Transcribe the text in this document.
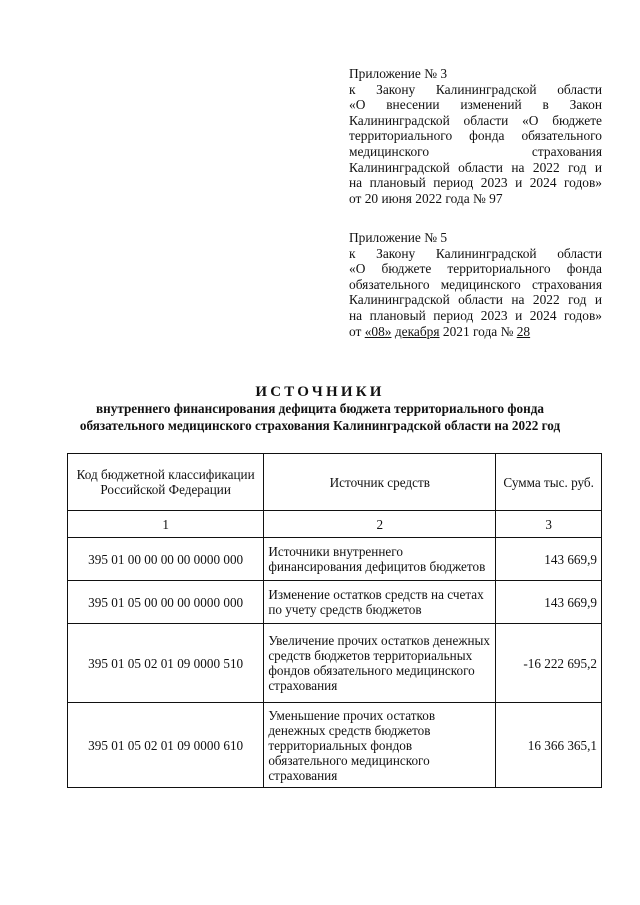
Приложение № 3
к Закону Калининградской области
«О внесении изменений в Закон
Калининградской области «О бюджете
территориального фонда обязательного
медицинского страхования
Калининградской области на 2022 год и
на плановый период 2023 и 2024 годов»
от 20 июня 2022 года № 97
Приложение № 5
к Закону Калининградской области
«О бюджете территориального фонда
обязательного медицинского страхования
Калининградской области на 2022 год и
на плановый период 2023 и 2024 годов»
от «08» декабря 2021 года № 28
ИСТОЧНИКИ
внутреннего финансирования дефицита бюджета территориального фонда
обязательного медицинского страхования Калининградской области на 2022 год
Код бюджетной классификации Российской Федерации	Источник средств	Сумма тыс. руб.
1	2	3
395 01 00 00 00 00 0000 000	Источники внутреннего финансирования дефицитов бюджетов	143 669,9
395 01 05 00 00 00 0000 000	Изменение остатков средств на счетах по учету средств бюджетов	143 669,9
395 01 05 02 01 09 0000 510	Увеличение прочих остатков денежных средств бюджетов территориальных фондов обязательного медицинского страхования	-16 222 695,2
395 01 05 02 01 09 0000 610	Уменьшение прочих остатков денежных средств бюджетов территориальных фондов обязательного медицинского страхования	16 366 365,1
